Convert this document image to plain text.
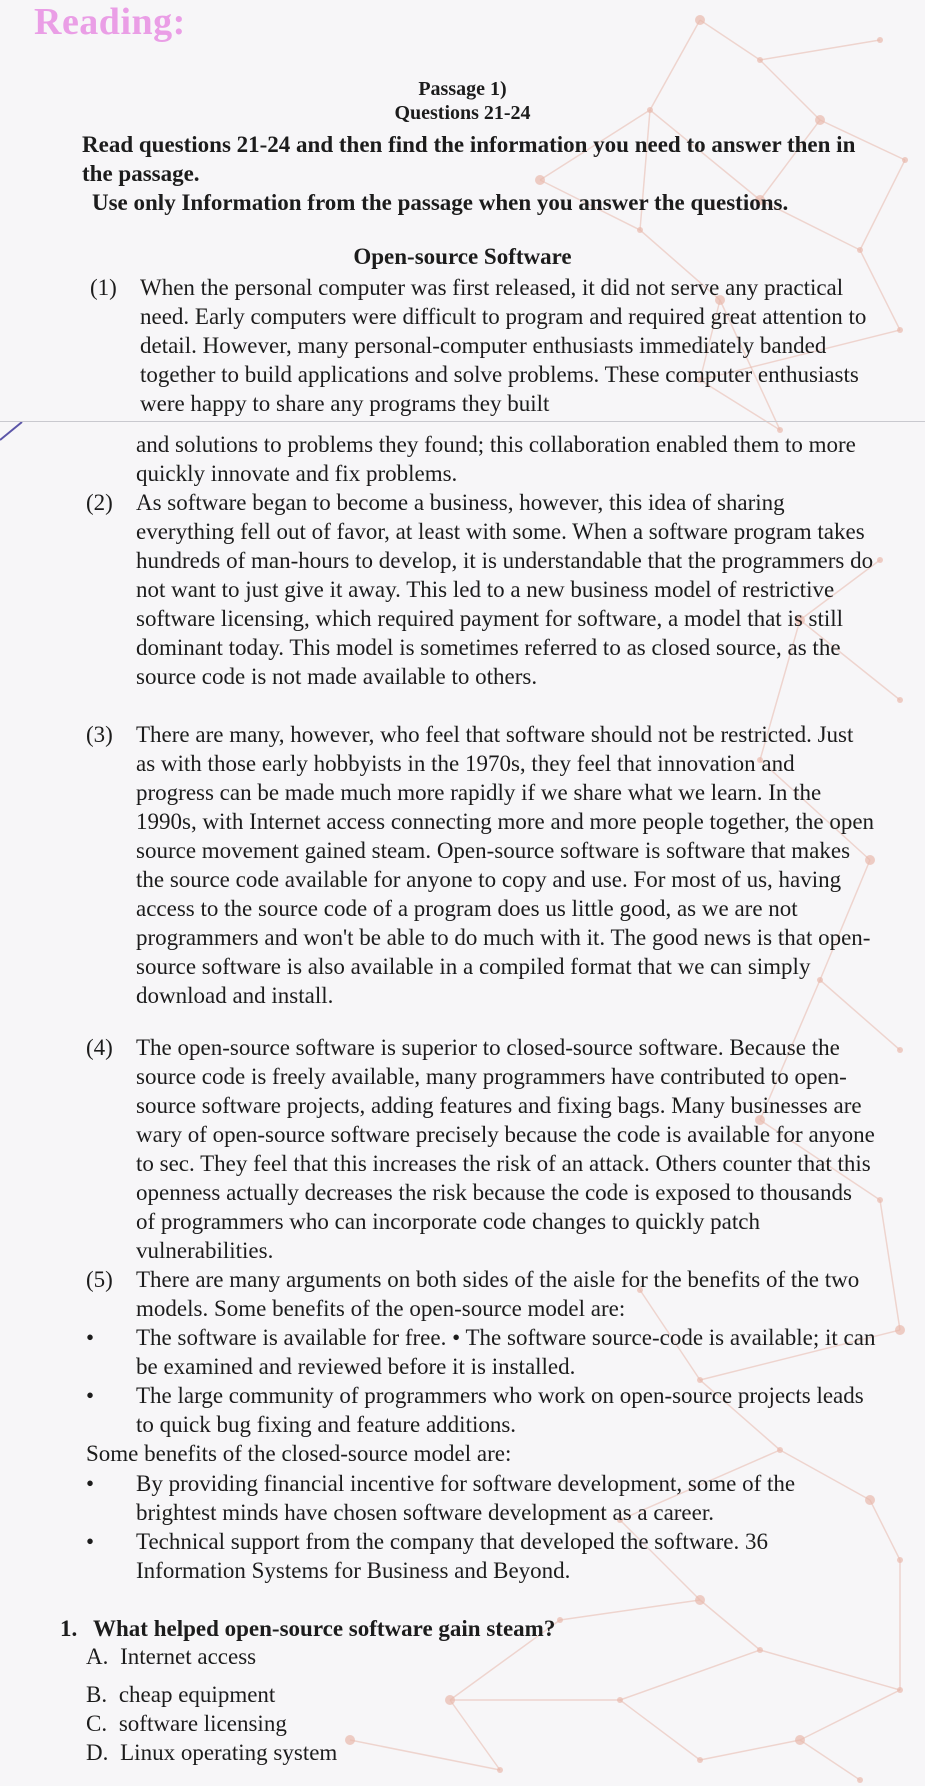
Reading:
Passage 1)
Questions 21-24
Read questions 21-24 and then find the information you need to answer then in the passage.
Use only Information from the passage when you answer the questions.
Open-source Software
(1) When the personal computer was first released, it did not serve any practical need. Early computers were difficult to program and required great attention to detail. However, many personal-computer enthusiasts immediately banded together to build applications and solve problems. These computer enthusiasts were happy to share any programs they built
and solutions to problems they found; this collaboration enabled them to more quickly innovate and fix problems.
(2) As software began to become a business, however, this idea of sharing everything fell out of favor, at least with some. When a software program takes hundreds of man-hours to develop, it is understandable that the programmers do not want to just give it away. This led to a new business model of restrictive software licensing, which required payment for software, a model that is still dominant today. This model is sometimes referred to as closed source, as the source code is not made available to others.
(3) There are many, however, who feel that software should not be restricted. Just as with those early hobbyists in the 1970s, they feel that innovation and progress can be made much more rapidly if we share what we learn. In the 1990s, with Internet access connecting more and more people together, the open source movement gained steam. Open-source software is software that makes the source code available for anyone to copy and use. For most of us, having access to the source code of a program does us little good, as we are not programmers and won't be able to do much with it. The good news is that open-source software is also available in a compiled format that we can simply download and install.
(4) The open-source software is superior to closed-source software. Because the source code is freely available, many programmers have contributed to open-source software projects, adding features and fixing bags. Many businesses are wary of open-source software precisely because the code is available for anyone to sec. They feel that this increases the risk of an attack. Others counter that this openness actually decreases the risk because the code is exposed to thousands of programmers who can incorporate code changes to quickly patch vulnerabilities.
(5) There are many arguments on both sides of the aisle for the benefits of the two models. Some benefits of the open-source model are:
• The software is available for free. • The software source-code is available; it can be examined and reviewed before it is installed.
• The large community of programmers who work on open-source projects leads to quick bug fixing and feature additions.
Some benefits of the closed-source model are:
• By providing financial incentive for software development, some of the brightest minds have chosen software development as a career.
• Technical support from the company that developed the software. 36 Information Systems for Business and Beyond.
1. What helped open-source software gain steam?
A. Internet access
B. cheap equipment
C. software licensing
D. Linux operating system
